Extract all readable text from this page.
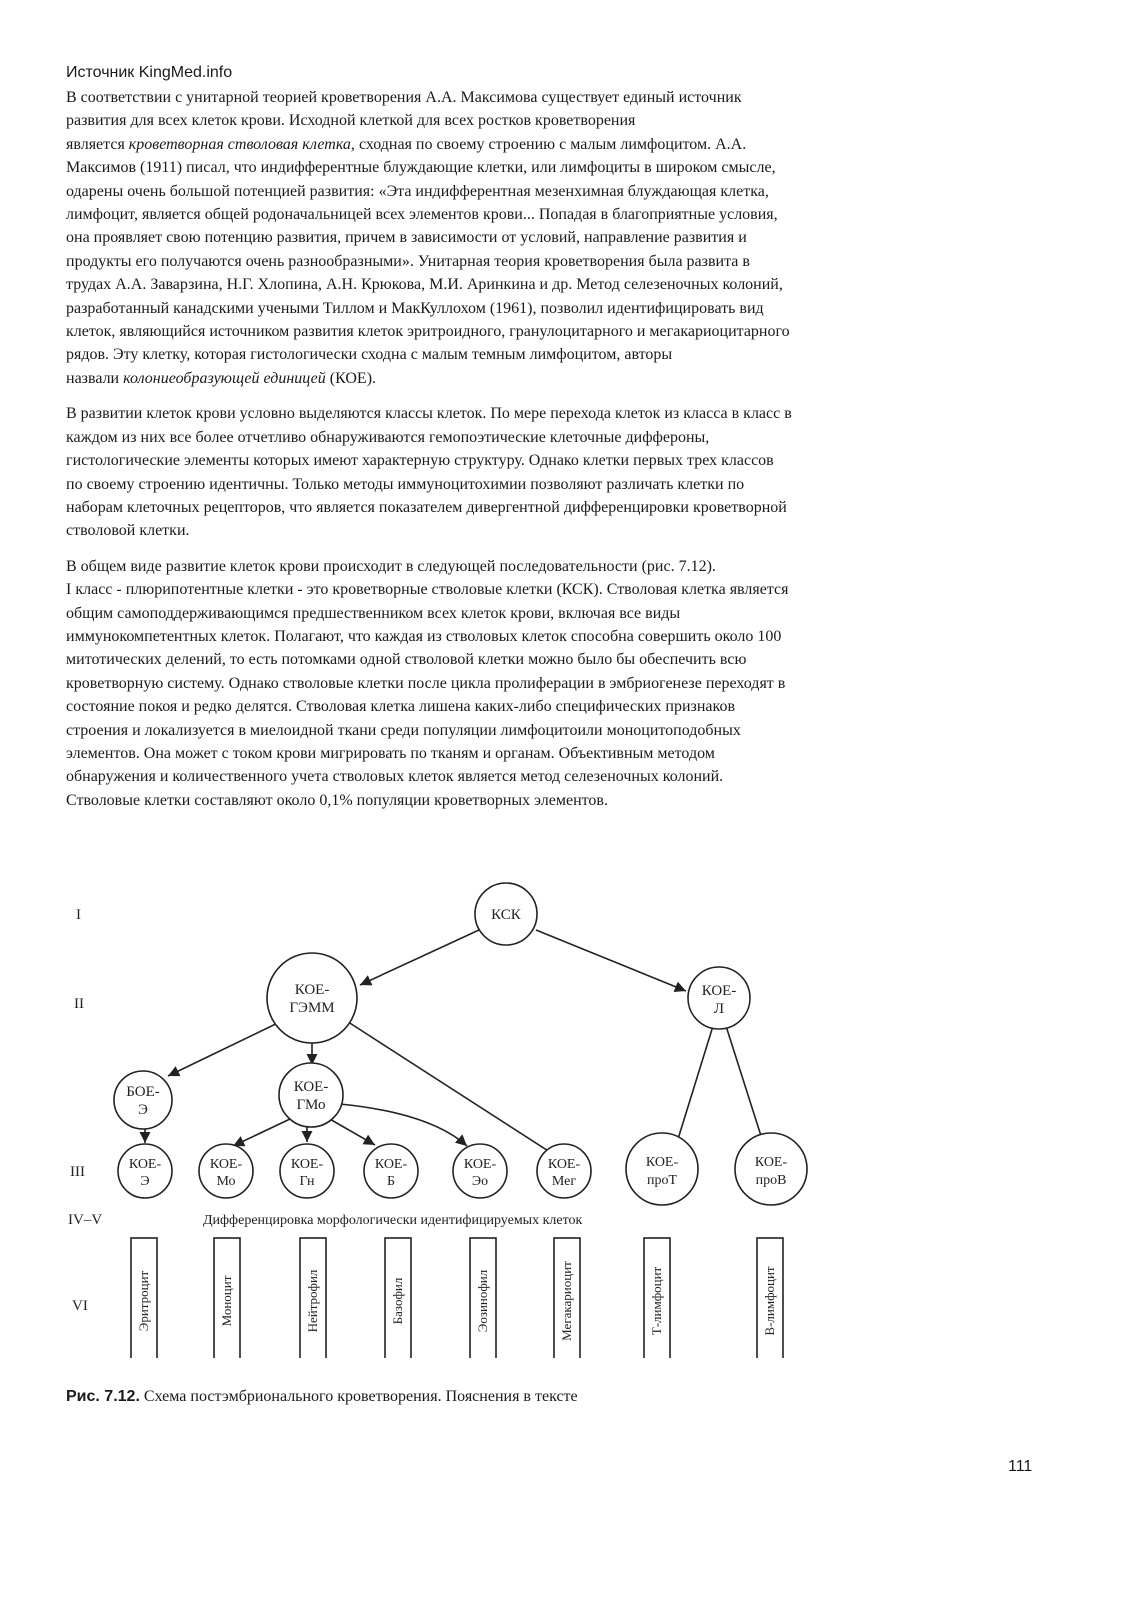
Источник KingMed.info

В соответствии с унитарной теорией кроветворения А.А. Максимова существует единый источник
развития для всех клеток крови. Исходной клеткой для всех ростков кроветворения
является кроветворная стволовая клетка, сходная по своему строению с малым лимфоцитом. А.А.
Максимов (1911) писал, что индифферентные блуждающие клетки, или лимфоциты в широком смысле,
одарены очень большой потенцией развития: «Эта индифферентная мезенхимная блуждающая клетка,
лимфоцит, является общей родоначальницей всех элементов крови... Попадая в благоприятные условия,
она проявляет свою потенцию развития, причем в зависимости от условий, направление развития и
продукты его получаются очень разнообразными». Унитарная теория кроветворения была развита в
трудах А.А. Заварзина, Н.Г. Хлопина, А.Н. Крюкова, М.И. Аринкина и др. Метод селезеночных колоний,
разработанный канадскими учеными Тиллом и МакКуллохом (1961), позволил идентифицировать вид
клеток, являющийся источником развития клеток эритроидного, гранулоцитарного и мегакариоцитарного
рядов. Эту клетку, которая гистологически сходна с малым темным лимфоцитом, авторы
назвали колониеобразующей единицей (КОЕ).

В развитии клеток крови условно выделяются классы клеток. По мере перехода клеток из класса в класс в
каждом из них все более отчетливо обнаруживаются гемопоэтические клеточные диффероны,
гистологические элементы которых имеют характерную структуру. Однако клетки первых трех классов
по своему строению идентичны. Только методы иммуноцитохимии позволяют различать клетки по
наборам клеточных рецепторов, что является показателем дивергентной дифференцировки кроветворной
стволовой клетки.

В общем виде развитие клеток крови происходит в следующей последовательности (рис. 7.12).
I класс - плюрипотентные клетки - это кроветворные стволовые клетки (КСК). Стволовая клетка является
общим самоподдерживающимся предшественником всех клеток крови, включая все виды
иммунокомпетентных клеток. Полагают, что каждая из стволовых клеток способна совершить около 100
митотических делений, то есть потомками одной стволовой клетки можно было бы обеспечить всю
кроветворную систему. Однако стволовые клетки после цикла пролиферации в эмбриогенезе переходят в
состояние покоя и редко делятся. Стволовая клетка лишена каких-либо специфических признаков
строения и локализуется в миелоидной ткани среди популяции лимфоцитоили моноцитоподобных
элементов. Она может с током крови мигрировать по тканям и органам. Объективным методом
обнаружения и количественного учета стволовых клеток является метод селезеночных колоний.
Стволовые клетки составляют около 0,1% популяции кроветворных элементов.

I
II
III
IV–V
VI
КСК
КОЕ-
ГЭММ
КОЕ-
Л
БОЕ-
Э
КОЕ-
ГМо
КОЕ-
Э
КОЕ-
Мо
КОЕ-
Гн
КОЕ-
Б
КОЕ-
Эо
КОЕ-
Мег
КОЕ-
проТ
КОЕ-
проВ
Дифференцировка морфологически идентифицируемых клеток
Эритроцит	Моноцит	Нейтрофил	Базофил	Эозинофил	Мегакариоцит	Т-лимфоцит	В-лимфоцит
Рис. 7.12. Схема постэмбрионального кроветворения. Пояснения в тексте
111
